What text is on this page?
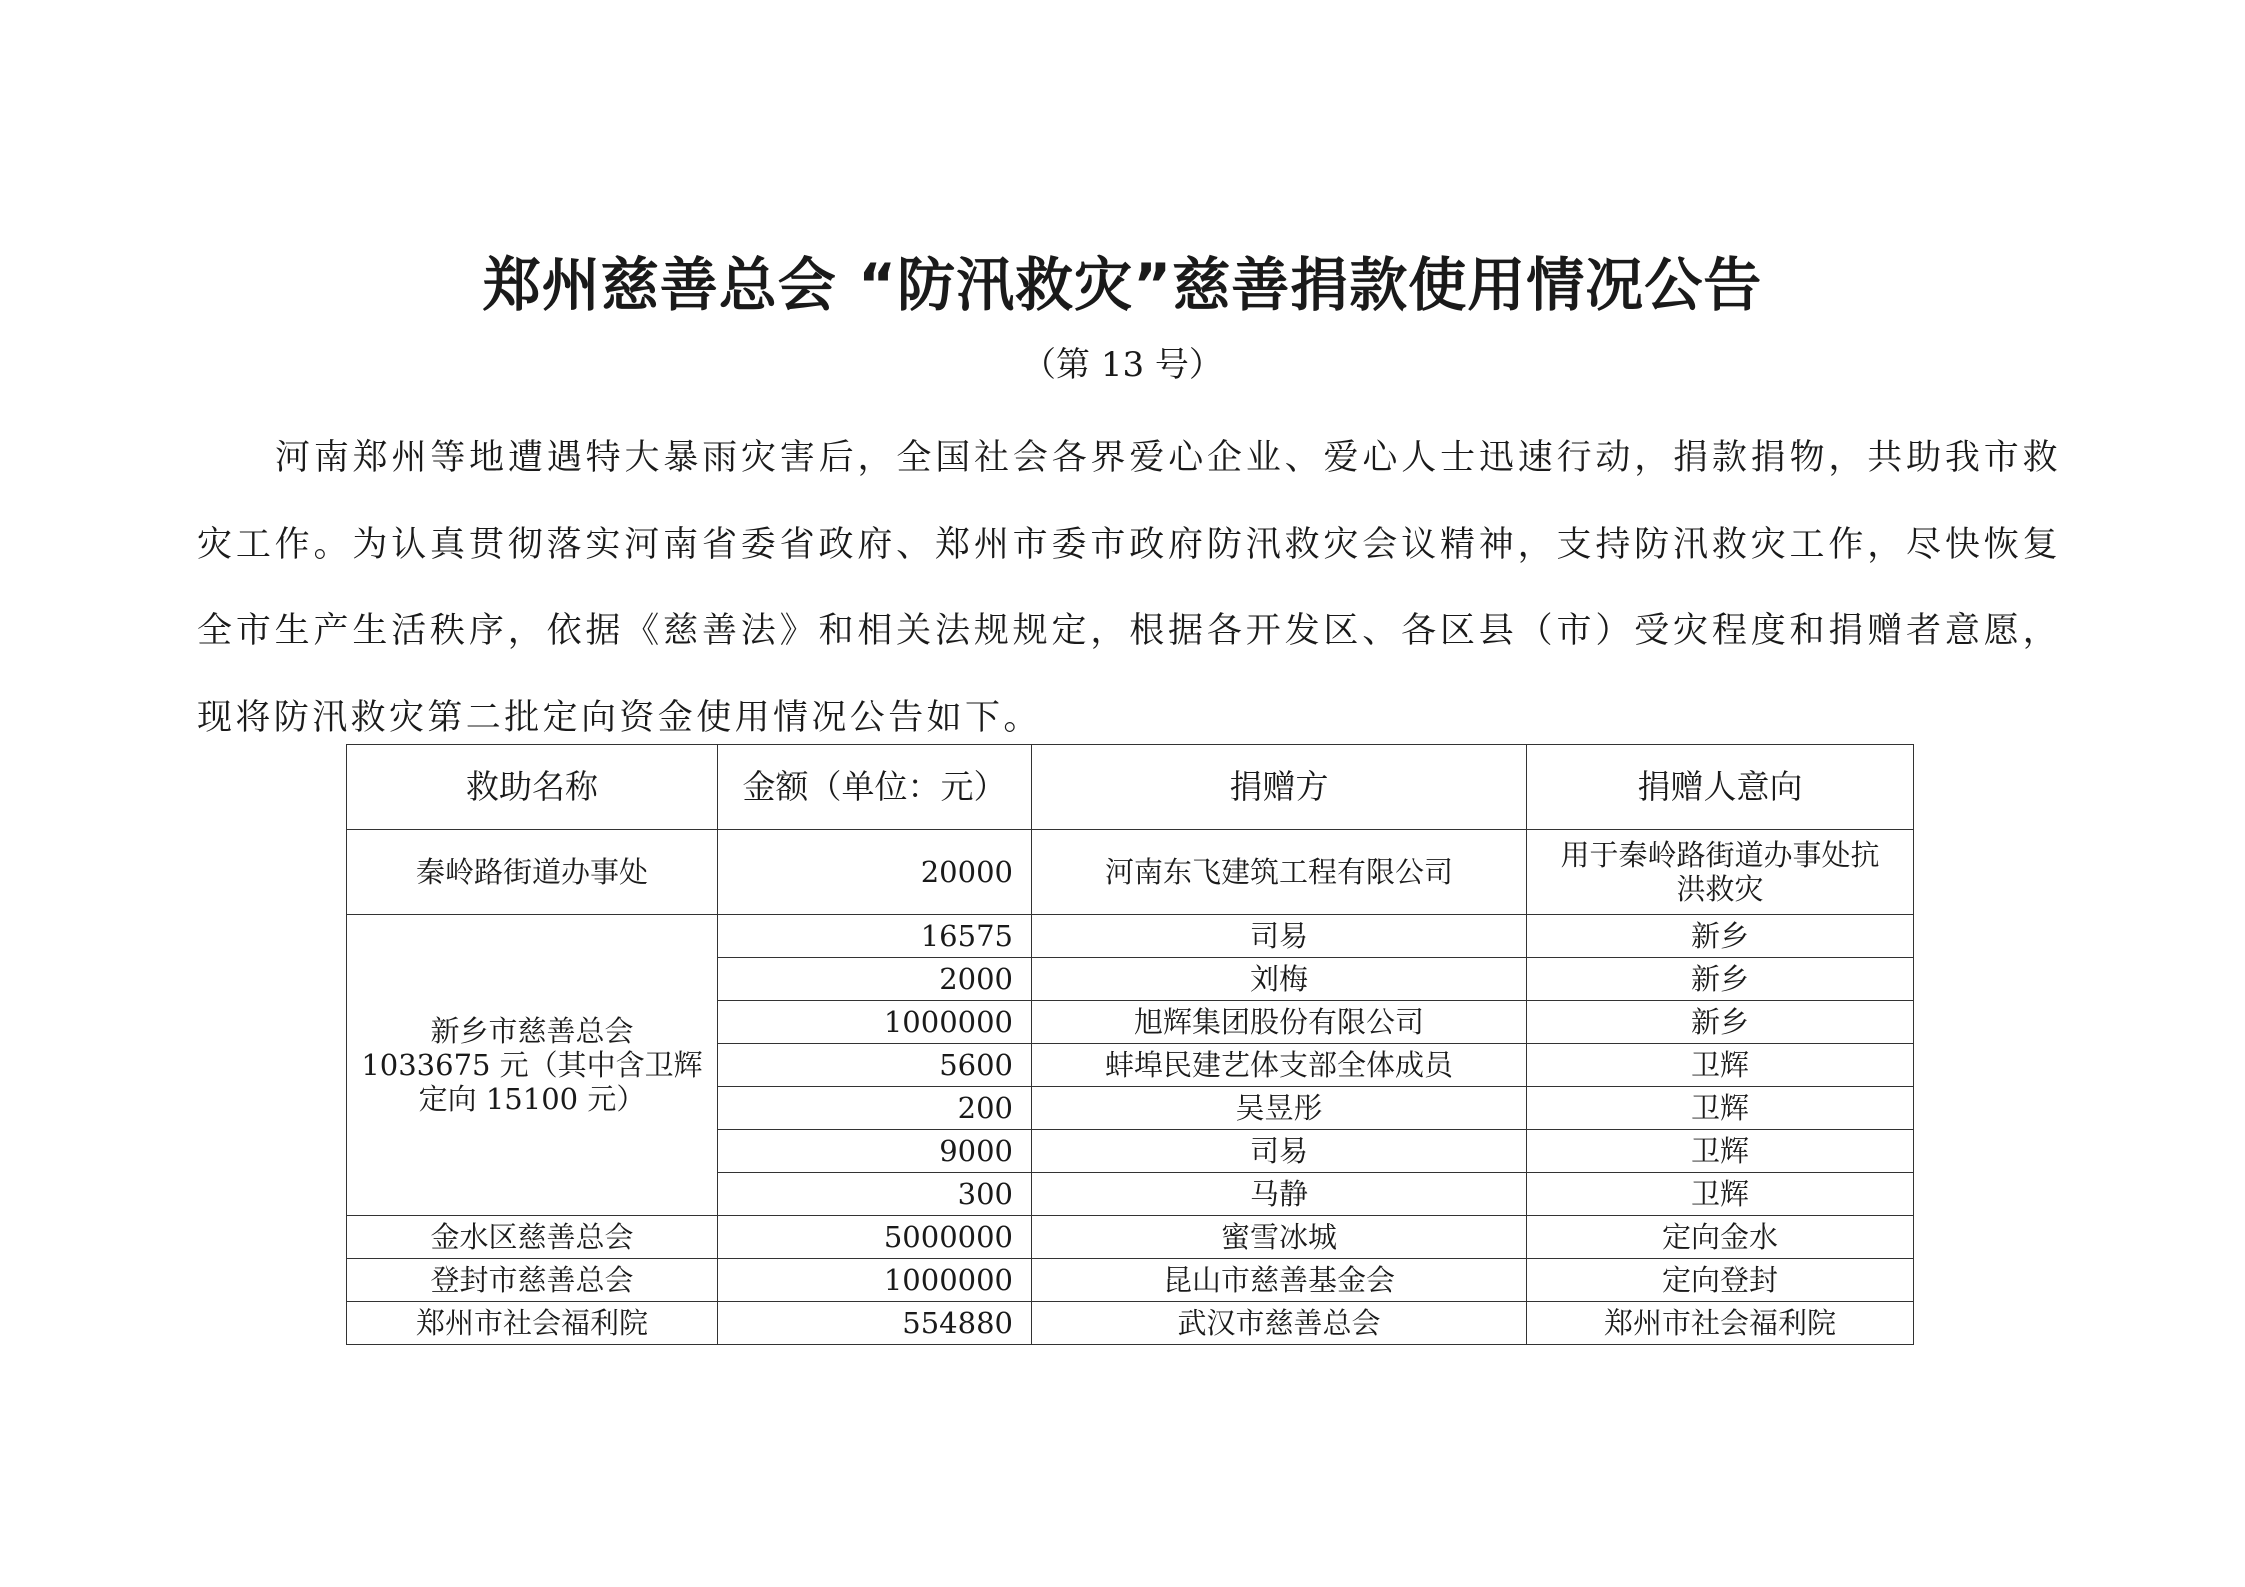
郑州慈善总会 “防汛救灾”慈善捐款使用情况公告
（第 13 号）

河南郑州等地遭遇特大暴雨灾害后，全国社会各界爱心企业、爱心人士迅速行动，捐款捐物，共助我市救灾工作。为认真贯彻落实河南省委省政府、郑州市委市政府防汛救灾会议精神，支持防汛救灾工作，尽快恢复全市生产生活秩序，依据《慈善法》和相关法规规定，根据各开发区、各区县（市）受灾程度和捐赠者意愿，现将防汛救灾第二批定向资金使用情况公告如下。

救助名称	金额（单位：元）	捐赠方	捐赠人意向
秦岭路街道办事处	20000	河南东飞建筑工程有限公司	用于秦岭路街道办事处抗
洪救灾

新乡市慈善总会
1033675 元（其中含卫辉
定向 15100 元）	16575	司易	新乡
	2000	刘梅	新乡
	1000000	旭辉集团股份有限公司	新乡
	5600	蚌埠民建艺体支部全体成员	卫辉
	200	吴昱彤	卫辉
	9000	司易	卫辉
	300	马静	卫辉
金水区慈善总会	5000000	蜜雪冰城	定向金水
登封市慈善总会	1000000	昆山市慈善基金会	定向登封
郑州市社会福利院	554880	武汉市慈善总会	郑州市社会福利院
